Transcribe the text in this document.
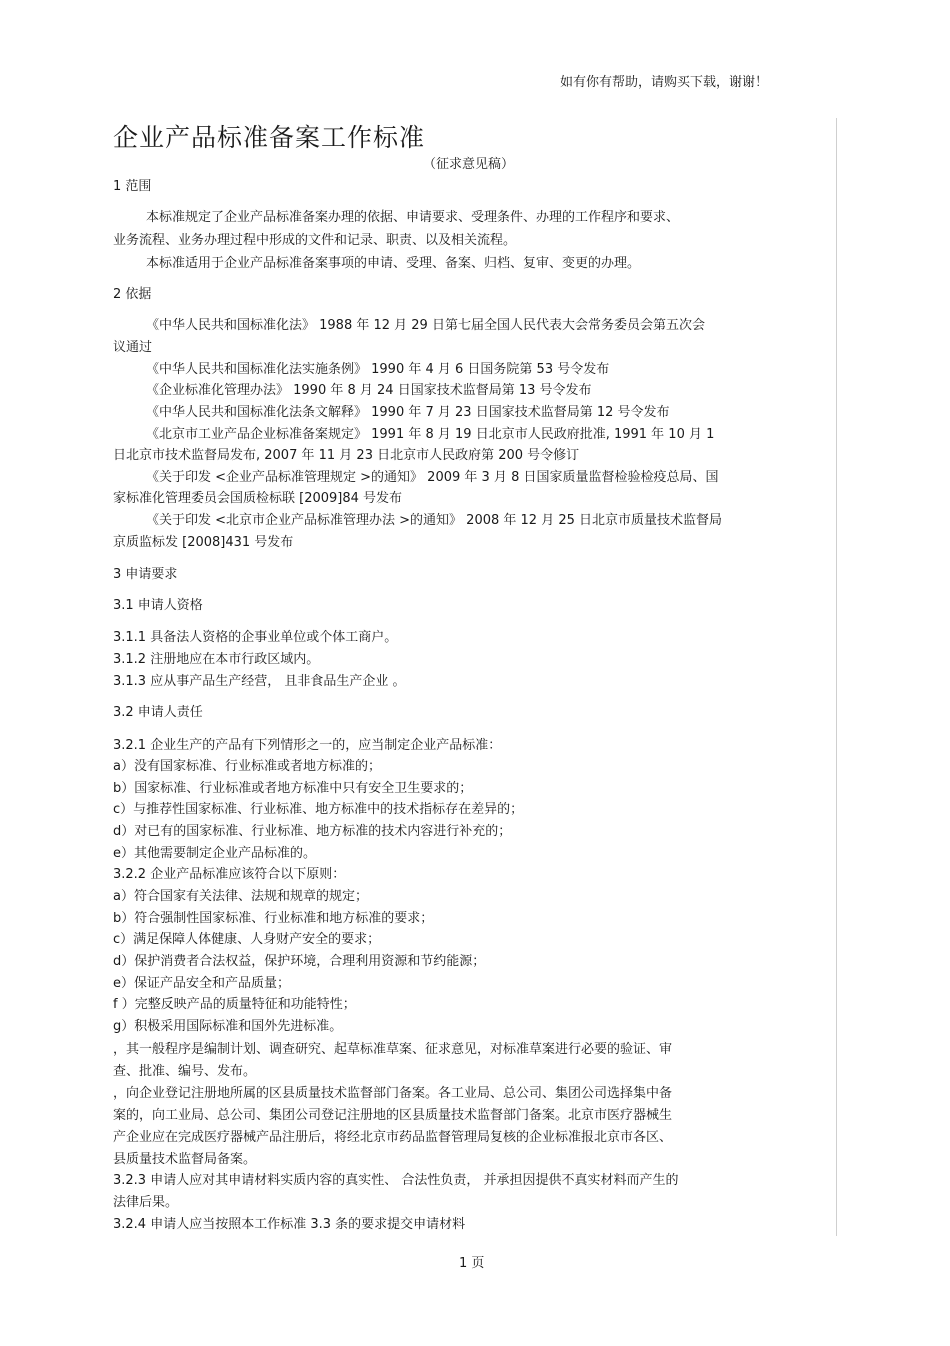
如有你有帮助，请购买下载，谢谢！
企业产品标准备案工作标准
（征求意见稿）
1 范围
本标准规定了企业产品标准备案办理的依据、申请要求、受理条件、办理的工作程序和要求、
业务流程、业务办理过程中形成的文件和记录、职责、以及相关流程。
本标准适用于企业产品标准备案事项的申请、受理、备案、归档、复审、变更的办理。
2 依据
《中华人民共和国标准化法》 1988 年 12 月 29 日第七届全国人民代表大会常务委员会第五次会
议通过
《中华人民共和国标准化法实施条例》 1990 年 4 月 6 日国务院第 53 号令发布
《企业标准化管理办法》 1990 年 8 月 24 日国家技术监督局第 13 号令发布
《中华人民共和国标准化法条文解释》 1990 年 7 月 23 日国家技术监督局第 12 号令发布
《北京市工业产品企业标准备案规定》 1991 年 8 月 19 日北京市人民政府批准, 1991 年 10 月 1
日北京市技术监督局发布, 2007 年 11 月 23 日北京市人民政府第 200 号令修订
《关于印发 <企业产品标准管理规定 >的通知》 2009 年 3 月 8 日国家质量监督检验检疫总局、国
家标准化管理委员会国质检标联 [2009]84 号发布
《关于印发 <北京市企业产品标准管理办法 >的通知》 2008 年 12 月 25 日北京市质量技术监督局
京质监标发 [2008]431 号发布
3 申请要求
3.1 申请人资格
3.1.1 具备法人资格的企事业单位或个体工商户。
3.1.2 注册地应在本市行政区域内。
3.1.3 应从事产品生产经营， 且非食品生产企业 。
3.2 申请人责任
3.2.1 企业生产的产品有下列情形之一的，应当制定企业产品标准：
a）没有国家标准、行业标准或者地方标准的；
b）国家标准、行业标准或者地方标准中只有安全卫生要求的；
c）与推荐性国家标准、行业标准、地方标准中的技术指标存在差异的；
d）对已有的国家标准、行业标准、地方标准的技术内容进行补充的；
e）其他需要制定企业产品标准的。
3.2.2 企业产品标准应该符合以下原则：
a）符合国家有关法律、法规和规章的规定；
b）符合强制性国家标准、行业标准和地方标准的要求；
c）满足保障人体健康、人身财产安全的要求；
d）保护消费者合法权益，保护环境，合理利用资源和节约能源；
e）保证产品安全和产品质量；
f ）完整反映产品的质量特征和功能特性；
g）积极采用国际标准和国外先进标准。
，其一般程序是编制计划、调查研究、起草标准草案、征求意见，对标准草案进行必要的验证、审
查、批准、编号、发布。
，向企业登记注册地所属的区县质量技术监督部门备案。各工业局、总公司、集团公司选择集中备
案的，向工业局、总公司、集团公司登记注册地的区县质量技术监督部门备案。北京市医疗器械生
产企业应在完成医疗器械产品注册后，将经北京市药品监督管理局复核的企业标准报北京市各区、
县质量技术监督局备案。
3.2.3 申请人应对其申请材料实质内容的真实性、 合法性负责， 并承担因提供不真实材料而产生的
法律后果。
3.2.4 申请人应当按照本工作标准 3.3 条的要求提交申请材料
1 页
